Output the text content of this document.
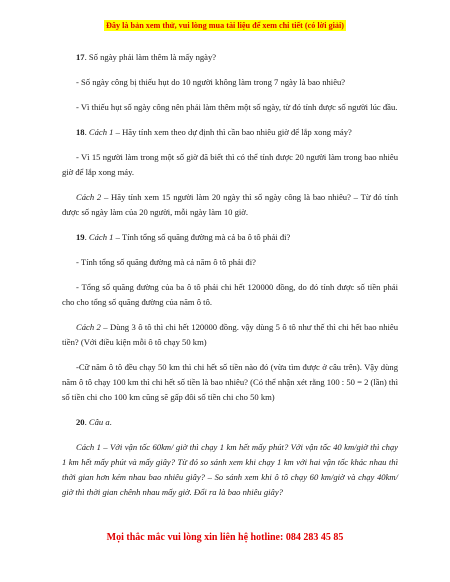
Đây là bản xem thử, vui lòng mua tài liệu để xem chi tiết (có lời giải)

17. Số ngày phải làm thêm là mấy ngày?

- Số ngày công bị thiếu hụt do 10 người không làm trong 7 ngày là bao nhiêu?

- Vì thiếu hụt số ngày công nên phải làm thêm một số ngày, từ đó tính được số người lúc đầu.

18. Cách 1 – Hãy tính xem theo dự định thì cần bao nhiêu giờ để lắp xong máy?

- Vì 15 người làm trong một số giờ đã biết thì có thể tính được 20 người làm trong bao nhiêu giờ để lắp xong máy.

Cách 2 – Hãy tính xem 15 người làm 20 ngày thì số ngày công là bao nhiêu? – Từ đó tính được số ngày làm của 20 người, mỗi ngày làm 10 giờ.

19. Cách 1 – Tính tổng số quãng đường mà cả ba ô tô phải đi?

- Tính tổng số quãng đường mà cả năm ô tô phải đi?

- Tổng số quãng đường của ba ô tô phải chi hết 120000 đồng, do đó tính được số tiền phải cho cho tổng số quãng đường của năm ô tô.

Cách 2 – Dùng 3 ô tô thì chi hết 120000 đồng. vậy dùng 5 ô tô như thế thì chi hết bao nhiêu tiền? (Với điều kiện mỗi ô tô chạy 50 km)

-Cữ năm ô tô đều chạy 50 km thì chi hết số tiền nào đó (vừa tìm được ở câu trên). Vậy dùng năm ô tô chạy 100 km thì chi hết số tiền là bao nhiêu? (Có thể nhận xét rằng 100 : 50 = 2 (lần) thì số tiền chi cho 100 km cũng sẽ gấp đôi số tiền chi cho 50 km)

20. Câu a.

Cách 1 – Với vận tốc 60km/ giờ thì chạy 1 km hết mấy phút? Với vận tốc 40 km/giờ thì chạy 1 km hết mấy phút và mấy giây? Từ đó so sánh xem khi chạy 1 km với hai vận tốc khác nhau thì thời gian hơn kém nhau bao nhiêu giây? – So sánh xem khi ô tô chạy 60 km/giờ và chạy 40km/ giờ thì thời gian chênh nhau mấy giờ. Đổi ra là bao nhiêu giây?

Mọi thắc mắc vui lòng xin liên hệ hotline: 084 283 45 85
